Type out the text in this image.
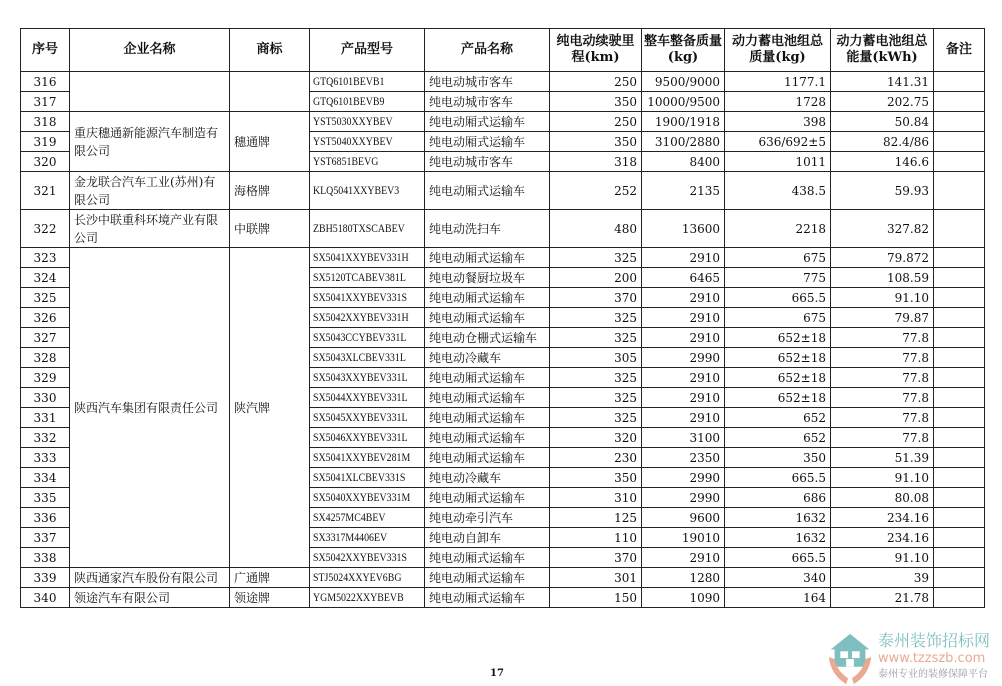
序号	企业名称	商标	产品型号	产品名称	纯电动续驶里程(km)	整车整备质量(kg)	动力蓄电池组总质量(kg)	动力蓄电池组总能量(kWh)	备注
316			GTQ6101BEVB1	纯电动城市客车	250	9500/9000	1177.1	141.31	
317			GTQ6101BEVB9	纯电动城市客车	350	10000/9500	1728	202.75	
318	重庆穗通新能源汽车制造有限公司	穗通牌	YST5030XXYBEV	纯电动厢式运输车	250	1900/1918	398	50.84	
319			YST5040XXYBEV	纯电动厢式运输车	350	3100/2880	636/692±5	82.4/86	
320			YST6851BEVG	纯电动城市客车	318	8400	1011	146.6	
321	金龙联合汽车工业(苏州)有限公司	海格牌	KLQ5041XXYBEV3	纯电动厢式运输车	252	2135	438.5	59.93	
322	长沙中联重科环境产业有限公司	中联牌	ZBH5180TXSCABEV	纯电动洗扫车	480	13600	2218	327.82	
323	陕西汽车集团有限责任公司	陕汽牌	SX5041XXYBEV331H	纯电动厢式运输车	325	2910	675	79.872	
324			SX5120TCABEV381L	纯电动餐厨垃圾车	200	6465	775	108.59	
325			SX5041XXYBEV331S	纯电动厢式运输车	370	2910	665.5	91.10	
326			SX5042XXYBEV331H	纯电动厢式运输车	325	2910	675	79.87	
327			SX5043CCYBEV331L	纯电动仓栅式运输车	325	2910	652±18	77.8	
328			SX5043XLCBEV331L	纯电动冷藏车	305	2990	652±18	77.8	
329			SX5043XXYBEV331L	纯电动厢式运输车	325	2910	652±18	77.8	
330			SX5044XXYBEV331L	纯电动厢式运输车	325	2910	652±18	77.8	
331			SX5045XXYBEV331L	纯电动厢式运输车	325	2910	652	77.8	
332			SX5046XXYBEV331L	纯电动厢式运输车	320	3100	652	77.8	
333			SX5041XXYBEV281M	纯电动厢式运输车	230	2350	350	51.39	
334			SX5041XLCBEV331S	纯电动冷藏车	350	2990	665.5	91.10	
335			SX5040XXYBEV331M	纯电动厢式运输车	310	2990	686	80.08	
336			SX4257MC4BEV	纯电动牵引汽车	125	9600	1632	234.16	
337			SX3317M4406EV	纯电动自卸车	110	19010	1632	234.16	
338			SX5042XXYBEV331S	纯电动厢式运输车	370	2910	665.5	91.10	
339	陕西通家汽车股份有限公司	广通牌	STJ5024XXYEV6BG	纯电动厢式运输车	301	1280	340	39	
340	领途汽车有限公司	领途牌	YGM5022XXYBEVB	纯电动厢式运输车	150	1090	164	21.78	
17
泰州装饰招标网
www.tzzszb.com
泰州专业的装修保障平台
